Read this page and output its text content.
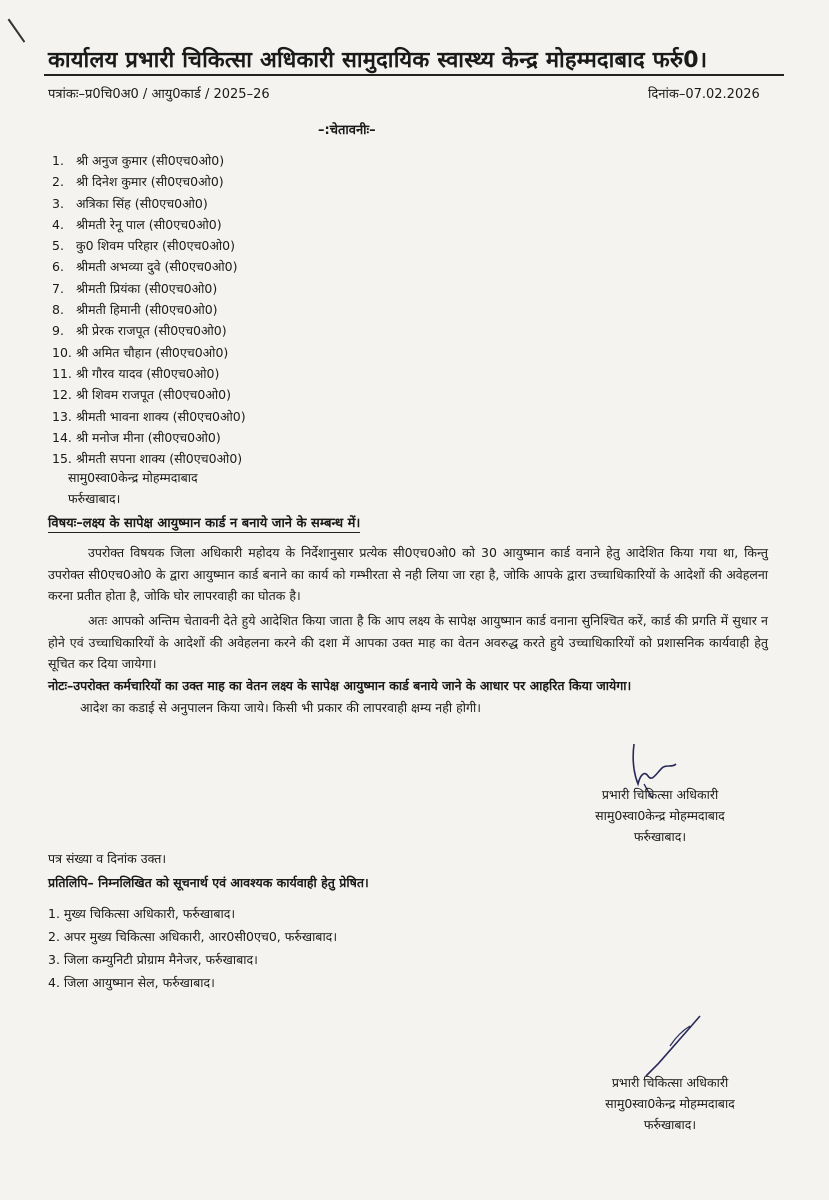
कार्यालय प्रभारी चिकित्सा अधिकारी सामुदायिक स्वास्थ्य केन्द्र मोहम्मदाबाद फर्रु0।
पत्रांकः–प्र0चि0अ0 / आयु0कार्ड / 2025–26	दिनांक–07.02.2026
–:चेतावनीः–
1. श्री अनुज कुमार (सी0एच0ओ0)
2. श्री दिनेश कुमार (सी0एच0ओ0)
3. अत्रिका सिंह (सी0एच0ओ0)
4. श्रीमती रेनू पाल (सी0एच0ओ0)
5. कु0 शिवम परिहार (सी0एच0ओ0)
6. श्रीमती अभव्या दुवे (सी0एच0ओ0)
7. श्रीमती प्रियंका (सी0एच0ओ0)
8. श्रीमती हिमानी (सी0एच0ओ0)
9. श्री प्रेरक राजपूत (सी0एच0ओ0)
10. श्री अमित चौहान (सी0एच0ओ0)
11. श्री गौरव यादव (सी0एच0ओ0)
12. श्री शिवम राजपूत (सी0एच0ओ0)
13. श्रीमती भावना शाक्य (सी0एच0ओ0)
14. श्री मनोज मीना (सी0एच0ओ0)
15. श्रीमती सपना शाक्य (सी0एच0ओ0)
सामु0स्वा0केन्द्र मोहम्मदाबाद
फर्रुखाबाद।
विषयः–लक्ष्य के सापेक्ष आयुष्मान कार्ड न बनाये जाने के सम्बन्ध में।
उपरोक्त विषयक जिला अधिकारी महोदय के निर्देशानुसार प्रत्येक सी0एच0ओ0 को 30 आयुष्मान कार्ड वनाने हेतु आदेशित किया गया था, किन्तु उपरोक्त सी0एच0ओ0 के द्वारा आयुष्मान कार्ड बनाने का कार्य को गम्भीरता से नही लिया जा रहा है, जोकि आपके द्वारा उच्चाधिकारियों के आदेशों की अवेहलना करना प्रतीत होता है, जोकि घोर लापरवाही का घोतक है।
अतः आपको अन्तिम चेतावनी देते हुये आदेशित किया जाता है कि आप लक्ष्य के सापेक्ष आयुष्मान कार्ड वनाना सुनिश्चित करें, कार्ड की प्रगति में सुधार न होने एवं उच्चाधिकारियों के आदेशों की अवेहलना करने की दशा में आपका उक्त माह का वेतन अवरुद्ध करते हुये उच्चाधिकारियों को प्रशासनिक कार्यवाही हेतु सूचित कर दिया जायेगा।
नोटः–उपरोक्त कर्मचारियों का उक्त माह का वेतन लक्ष्य के सापेक्ष आयुष्मान कार्ड बनाये जाने के आधार पर आहरित किया जायेगा।
आदेश का कडाई से अनुपालन किया जाये। किसी भी प्रकार की लापरवाही क्षम्य नही होगी।
प्रभारी चिकित्सा अधिकारी
सामु0स्वा0केन्द्र मोहम्मदाबाद
फर्रुखाबाद।
पत्र संख्या व दिनांक उक्त।
प्रतिलिपि– निम्नलिखित को सूचनार्थ एवं आवश्यक कार्यवाही हेतु प्रेषित।
1. मुख्य चिकित्सा अधिकारी, फर्रुखाबाद।
2. अपर मुख्य चिकित्सा अधिकारी, आर0सी0एच0, फर्रुखाबाद।
3. जिला कम्युनिटी प्रोग्राम मैनेजर, फर्रुखाबाद।
4. जिला आयुष्मान सेल, फर्रुखाबाद।
प्रभारी चिकित्सा अधिकारी
सामु0स्वा0केन्द्र मोहम्मदाबाद
फर्रुखाबाद।
